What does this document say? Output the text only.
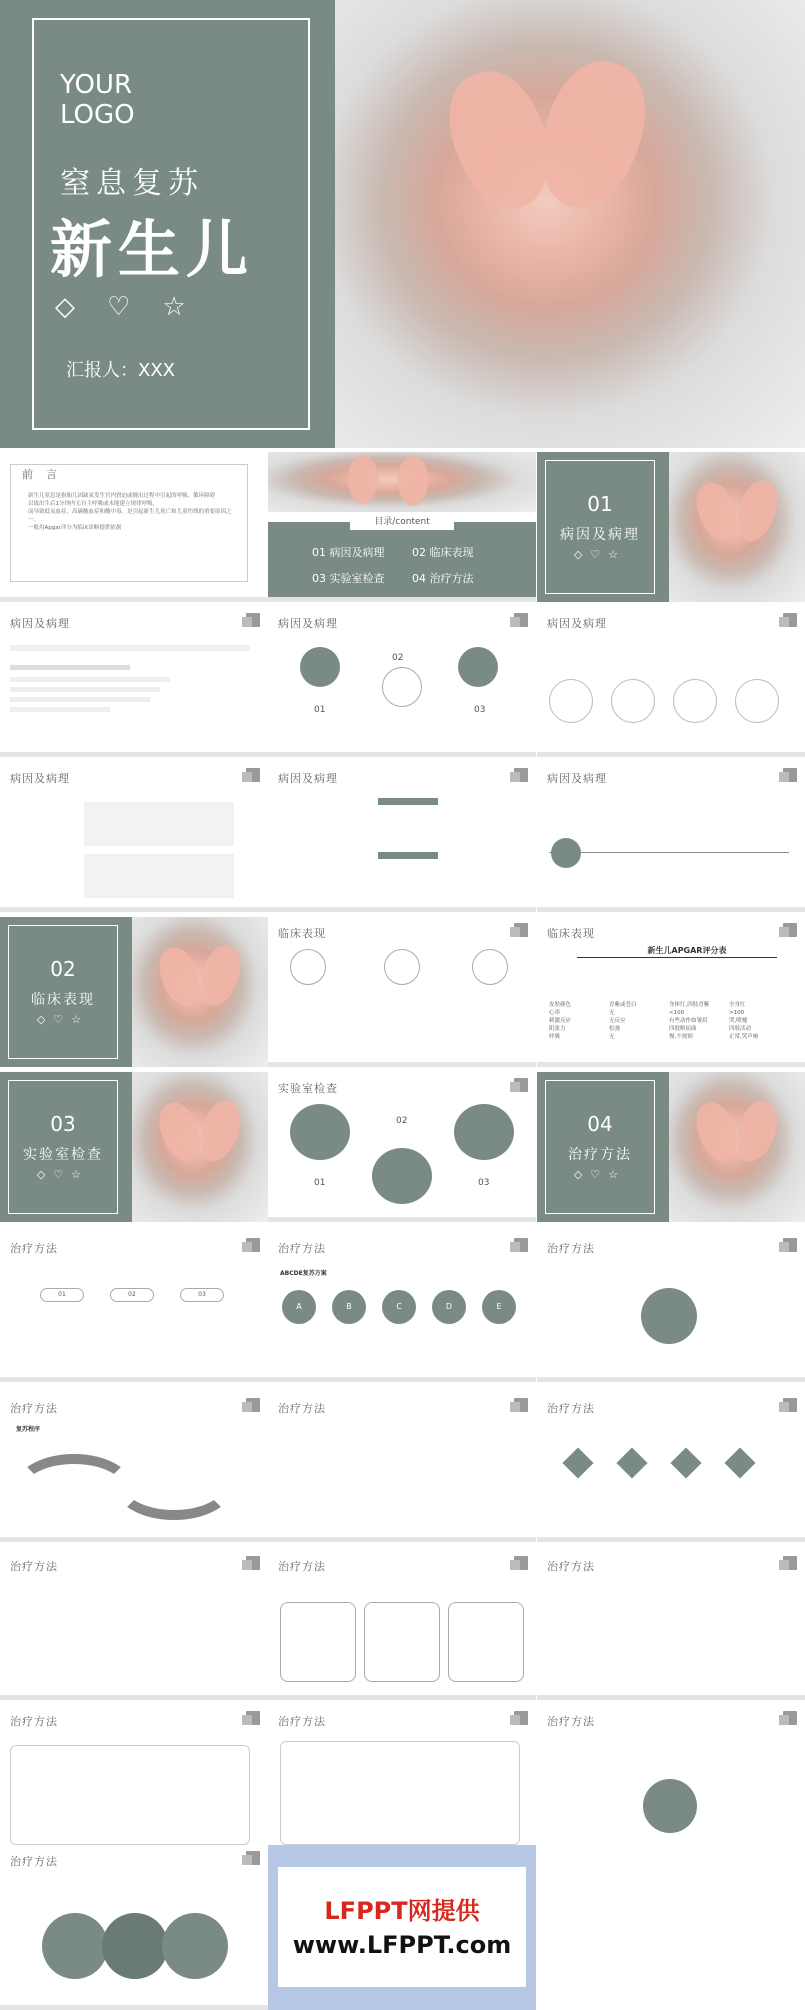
YOUR
LOGO
窒息复苏
新生儿
◇ ♡ ☆
汇报人：XXX
前　言
新生儿窒息是指胎儿因缺氧发生宫内窘迫或娩出过程中引起的呼吸、循环障碍
以致出生后1分钟内无自主呼吸或未能建立规律呼吸，
而导致低氧血症、高碳酸血症和酸中毒。是引起新生儿死亡和儿童伤残的重要原因之一。
一般用Apgar评分为临床诊断提供依据
目录/content
01 病因及病理	02 临床表现
03 实验室检查	04 治疗方法
01
病因及病理
◇♡☆
病因及病理	病因及病理
01
02
03
病因及病理
病因及病理	病因及病理	病因及病理
02
临床表现
◇♡☆
临床表现	临床表现
新生儿APGAR评分表
皮肤颜色	青紫或苍白	身体红,四肢青紫	全身红
心率	无	<100	>100
刺激反应	无反应	有些动作如皱眉	哭,喷嚏
肌张力	松弛	四肢略屈曲	四肢活动
呼吸	无	慢,不规则	正常,哭声响
03
实验室检查
◇♡☆
实验室检查
01
02
03
04
治疗方法
◇♡☆
治疗方法
01	02	03
治疗方法
ABCDE复苏方案
A	B	C	D	E
治疗方法
治疗方法
复苏程序
治疗方法	治疗方法
治疗方法	治疗方法	治疗方法
治疗方法	治疗方法	治疗方法
治疗方法
LFPPT网提供
www.LFPPT.com
